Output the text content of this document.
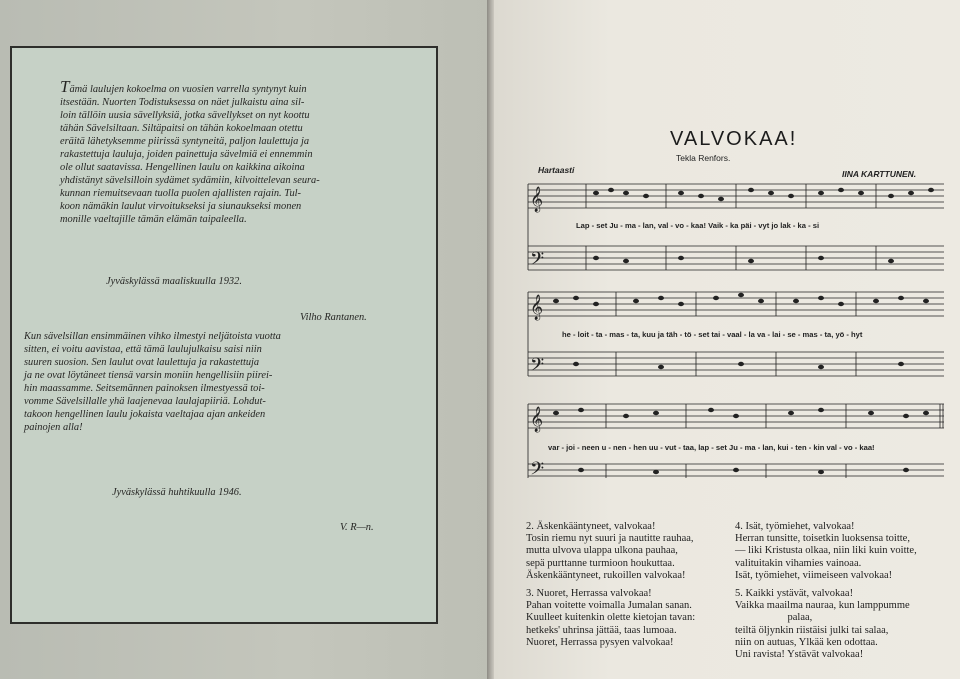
Tämä laulujen kokoelma on vuosien varrella syntynyt kuin
itsestään. Nuorten Todistuksessa on näet julkaistu aina sil-
loin tällöin uusia sävellyksiä, jotka sävellykset on nyt koottu
tähän Sävelsiltaan. Siltäpaitsi on tähän kokoelmaan otettu
eräitä lähetyksemme piirissä syntyneitä, paljon laulettuja ja
rakastettuja lauluja, joiden painettuja sävelmiä ei ennemmin
ole ollut saatavissa. Hengellinen laulu on kaikkina aikoina
yhdistänyt sävelsilloin sydämet sydämiin, kilvoittelevan seura-
kunnan riemuitsevaan tuolla puolen ajallisten rajain. Tul-
koon nämäkin laulut virvoitukseksi ja siunaukseksi monen
monille vaeltajille tämän elämän taipaleella.
Jyväskylässä maaliskuulla 1932.
Vilho Rantanen.
Kun sävelsillan ensimmäinen vihko ilmestyi neljätoista vuotta
sitten, ei voitu aavistaa, että tämä laulujulkaisu saisi niin
suuren suosion. Sen laulut ovat laulettuja ja rakastettuja
ja ne ovat löytäneet tiensä varsin moniin hengellisiin piirei-
hin maassamme. Seitsemännen painoksen ilmestyessä toi-
vomme Sävelsillalle yhä laajenevaa laulajapiiriä. Lohdut-
takoon hengellinen laulu jokaista vaeltajaa ajan ankeiden
painojen alla!
Jyväskylässä huhtikuulla 1946.
V. R—n.
VALVOKAA!
Tekla Renfors.
Hartaasti	IINA KARTTUNEN.
𝄞
𝄢
𝄞
𝄢
𝄞
𝄢
Lap - set Ju - ma - lan, val - vo - kaa! Vaik - ka päi - vyt jo lak - ka - si
he - loit - ta - mas - ta, kuu ja täh - tö - set tai - vaal - la va - lai - se - mas - ta, yö - hyt
var - joi - neen u - nen - hen uu - vut - taa, lap - set Ju - ma - lan, kui - ten - kin val - vo - kaa!
2. Äskenkääntyneet, valvokaa!
Tosin riemu nyt suuri ja nautitte rauhaa,
mutta ulvova ulappa ulkona pauhaa,
sepä purttanne turmioon houkuttaa.
Äskenkääntyneet, rukoillen valvokaa!
3. Nuoret, Herrassa valvokaa!
Pahan voitette voimalla Jumalan sanan.
Kuulleet kuitenkin olette kietojan tavan:
hetkeks' uhrinsa jättää, taas lumoaa.
Nuoret, Herrassa pysyen valvokaa!
4. Isät, työmiehet, valvokaa!
Herran tunsitte, toisetkin luoksensa toitte,
— liki Kristusta olkaa, niin liki kuin voitte,
valituitakin vihamies vainoaa.
Isät, työmiehet, viimeiseen valvokaa!
5. Kaikki ystävät, valvokaa!
Vaikka maailma nauraa, kun lamppumme
palaa,
teiltä öljynkin riistäisi julki tai salaa,
niin on autuas, Ylkää ken odottaa.
Uni ravista! Ystävät valvokaa!
